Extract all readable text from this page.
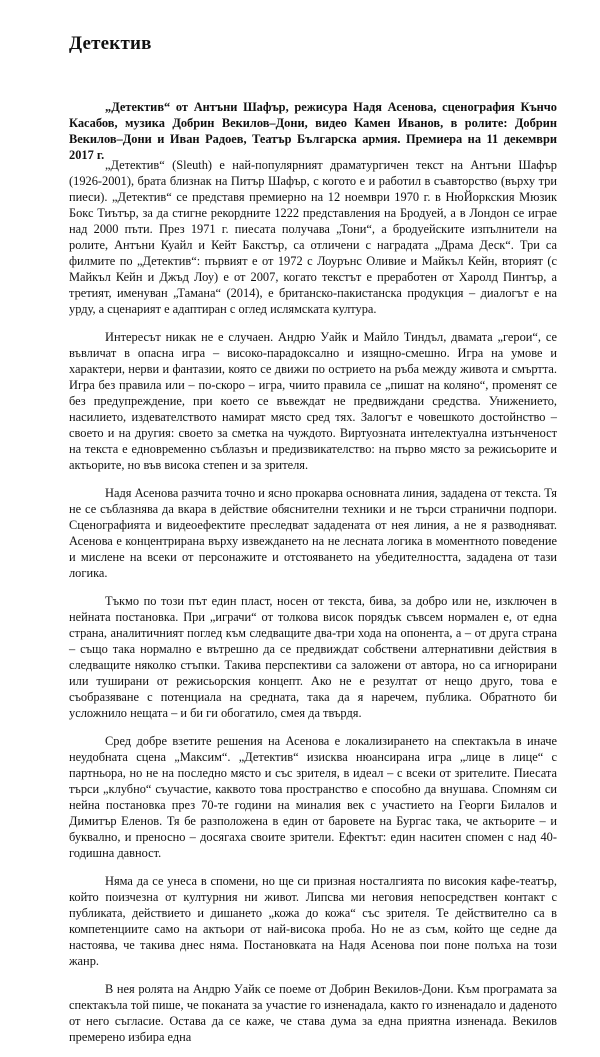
Детектив

„Детектив“ от Антъни Шафър, режисура Надя Асенова, сценография Кънчо Касабов, музика Добрин Векилов–Дони, видео Камен Иванов, в ролите: Добрин Векилов–Дони и Иван Радоев, Театър Българска армия. Премиера на 11 декември 2017 г.

„Детектив“ (Sleuth) е най-популярният драматургичен текст на Антъни Шафър (1926-2001), брата близнак на Питър Шафър, с когото е и работил в съавторство (върху три пиеси). „Детектив“ се представя премиерно на 12 ноември 1970 г. в НюЙоркския Мюзик Бокс Тиътър, за да стигне рекордните 1222 представления на Бродуей, а в Лондон се играе над 2000 пъти. През 1971 г. пиесата получава „Тони“, а бродуейските изпълнители на ролите, Антъни Куайл и Кейт Бакстър, са отличени с наградата „Драма Деск“. Три са филмите по „Детектив“: първият е от 1972 с Лоурънс Оливие и Майкъл Кейн, вторият (с Майкъл Кейн и Джъд Лоу) е от 2007, когато текстът е преработен от Харолд Пинтър, а третият, именуван „Тамана“ (2014), е британско-пакистанска продукция – диалогът е на урду, а сценарият е адаптиран с оглед ислямската култура.

Интересът никак не е случаен. Андрю Уайк и Майло Тиндъл, двамата „герои“, се въвличат в опасна игра – високо-парадоксално и изящно-смешно. Игра на умове и характери, нерви и фантазии, която се движи по острието на ръба между живота и смъртта. Игра без правила или – по-скоро – игра, чиито правила се „пишат на коляно“, променят се без предупреждение, при което се въвеждат не предвиждани средства. Унижението, насилието, издевателството намират място сред тях. Залогът е човешкото достойнство – своето и на другия: своето за сметка на чуждото. Виртуозната интелектуална изтънченост на текста е едновременно съблазън и предизвикателство: на първо място за режисьорите и актьорите, но във висока степен и за зрителя.

Надя Асенова разчита точно и ясно прокарва основната линия, зададена от текста. Тя не се съблазнява да вкара в действие обяснителни техники и не търси странични подпори. Сценографията и видеоефектите преследват зададената от нея линия, а не я разводняват. Асенова е концентрирана върху извеждането на не лесната логика в моментното поведение и мислене на всеки от персонажите и отстояването на убедителността, зададена от тази логика.

Тъкмо по този път един пласт, носен от текста, бива, за добро или не, изключен в нейната постановка. При „играчи“ от толкова висок порядък съвсем нормален е, от една страна, аналитичният поглед към следващите два-три хода на опонента, а – от друга страна – също така нормално е вътрешно да се предвиждат собствени алтернативни действия в следващите няколко стъпки. Такива перспективи са заложени от автора, но са игнорирани или туширани от режисьорския концепт. Ако не е резултат от нещо друго, това е съобразяване с потенциала на средната, така да я наречем, публика. Обратното би усложнило нещата – и би ги обогатило, смея да твърдя.

Сред добре взетите решения на Асенова е локализирането на спектакъла в иначе неудобната сцена „Максим“. „Детектив“ изисква нюансирана игра „лице в лице“ с партньора, но не на последно място и със зрителя, в идеал – с всеки от зрителите. Пиесата търси „клубно“ съучастие, каквото това пространство е способно да внушава. Спомням си нейна постановка през 70-те години на миналия век с участието на Георги Билалов и Димитър Еленов. Тя бе разположена в един от баровете на Бургас така, че актьорите – и буквално, и преносно – досягаха своите зрители. Ефектът: един наситен спомен с над 40-годишна давност.

Няма да се унеса в спомени, но ще си призная носталгията по високия кафе-театър, който поизчезна от културния ни живот. Липсва ми неговия непосредствен контакт с публиката, действието и дишането „кожа до кожа“ със зрителя. Те действително са в компетенциите само на актьори от най-висока проба. Но не аз съм, който ще седне да настоява, че такива днес няма. Постановката на Надя Асенова пои поне полъха на този жанр.

В нея ролята на Андрю Уайк се поеме от Добрин Векилов-Дони. Към програмата за спектакъла той пише, че поканата за участие го изненадала, както го изненадало и даденото от него съгласие. Остава да се каже, че става дума за една приятна изненада. Векилов премерено избира една
